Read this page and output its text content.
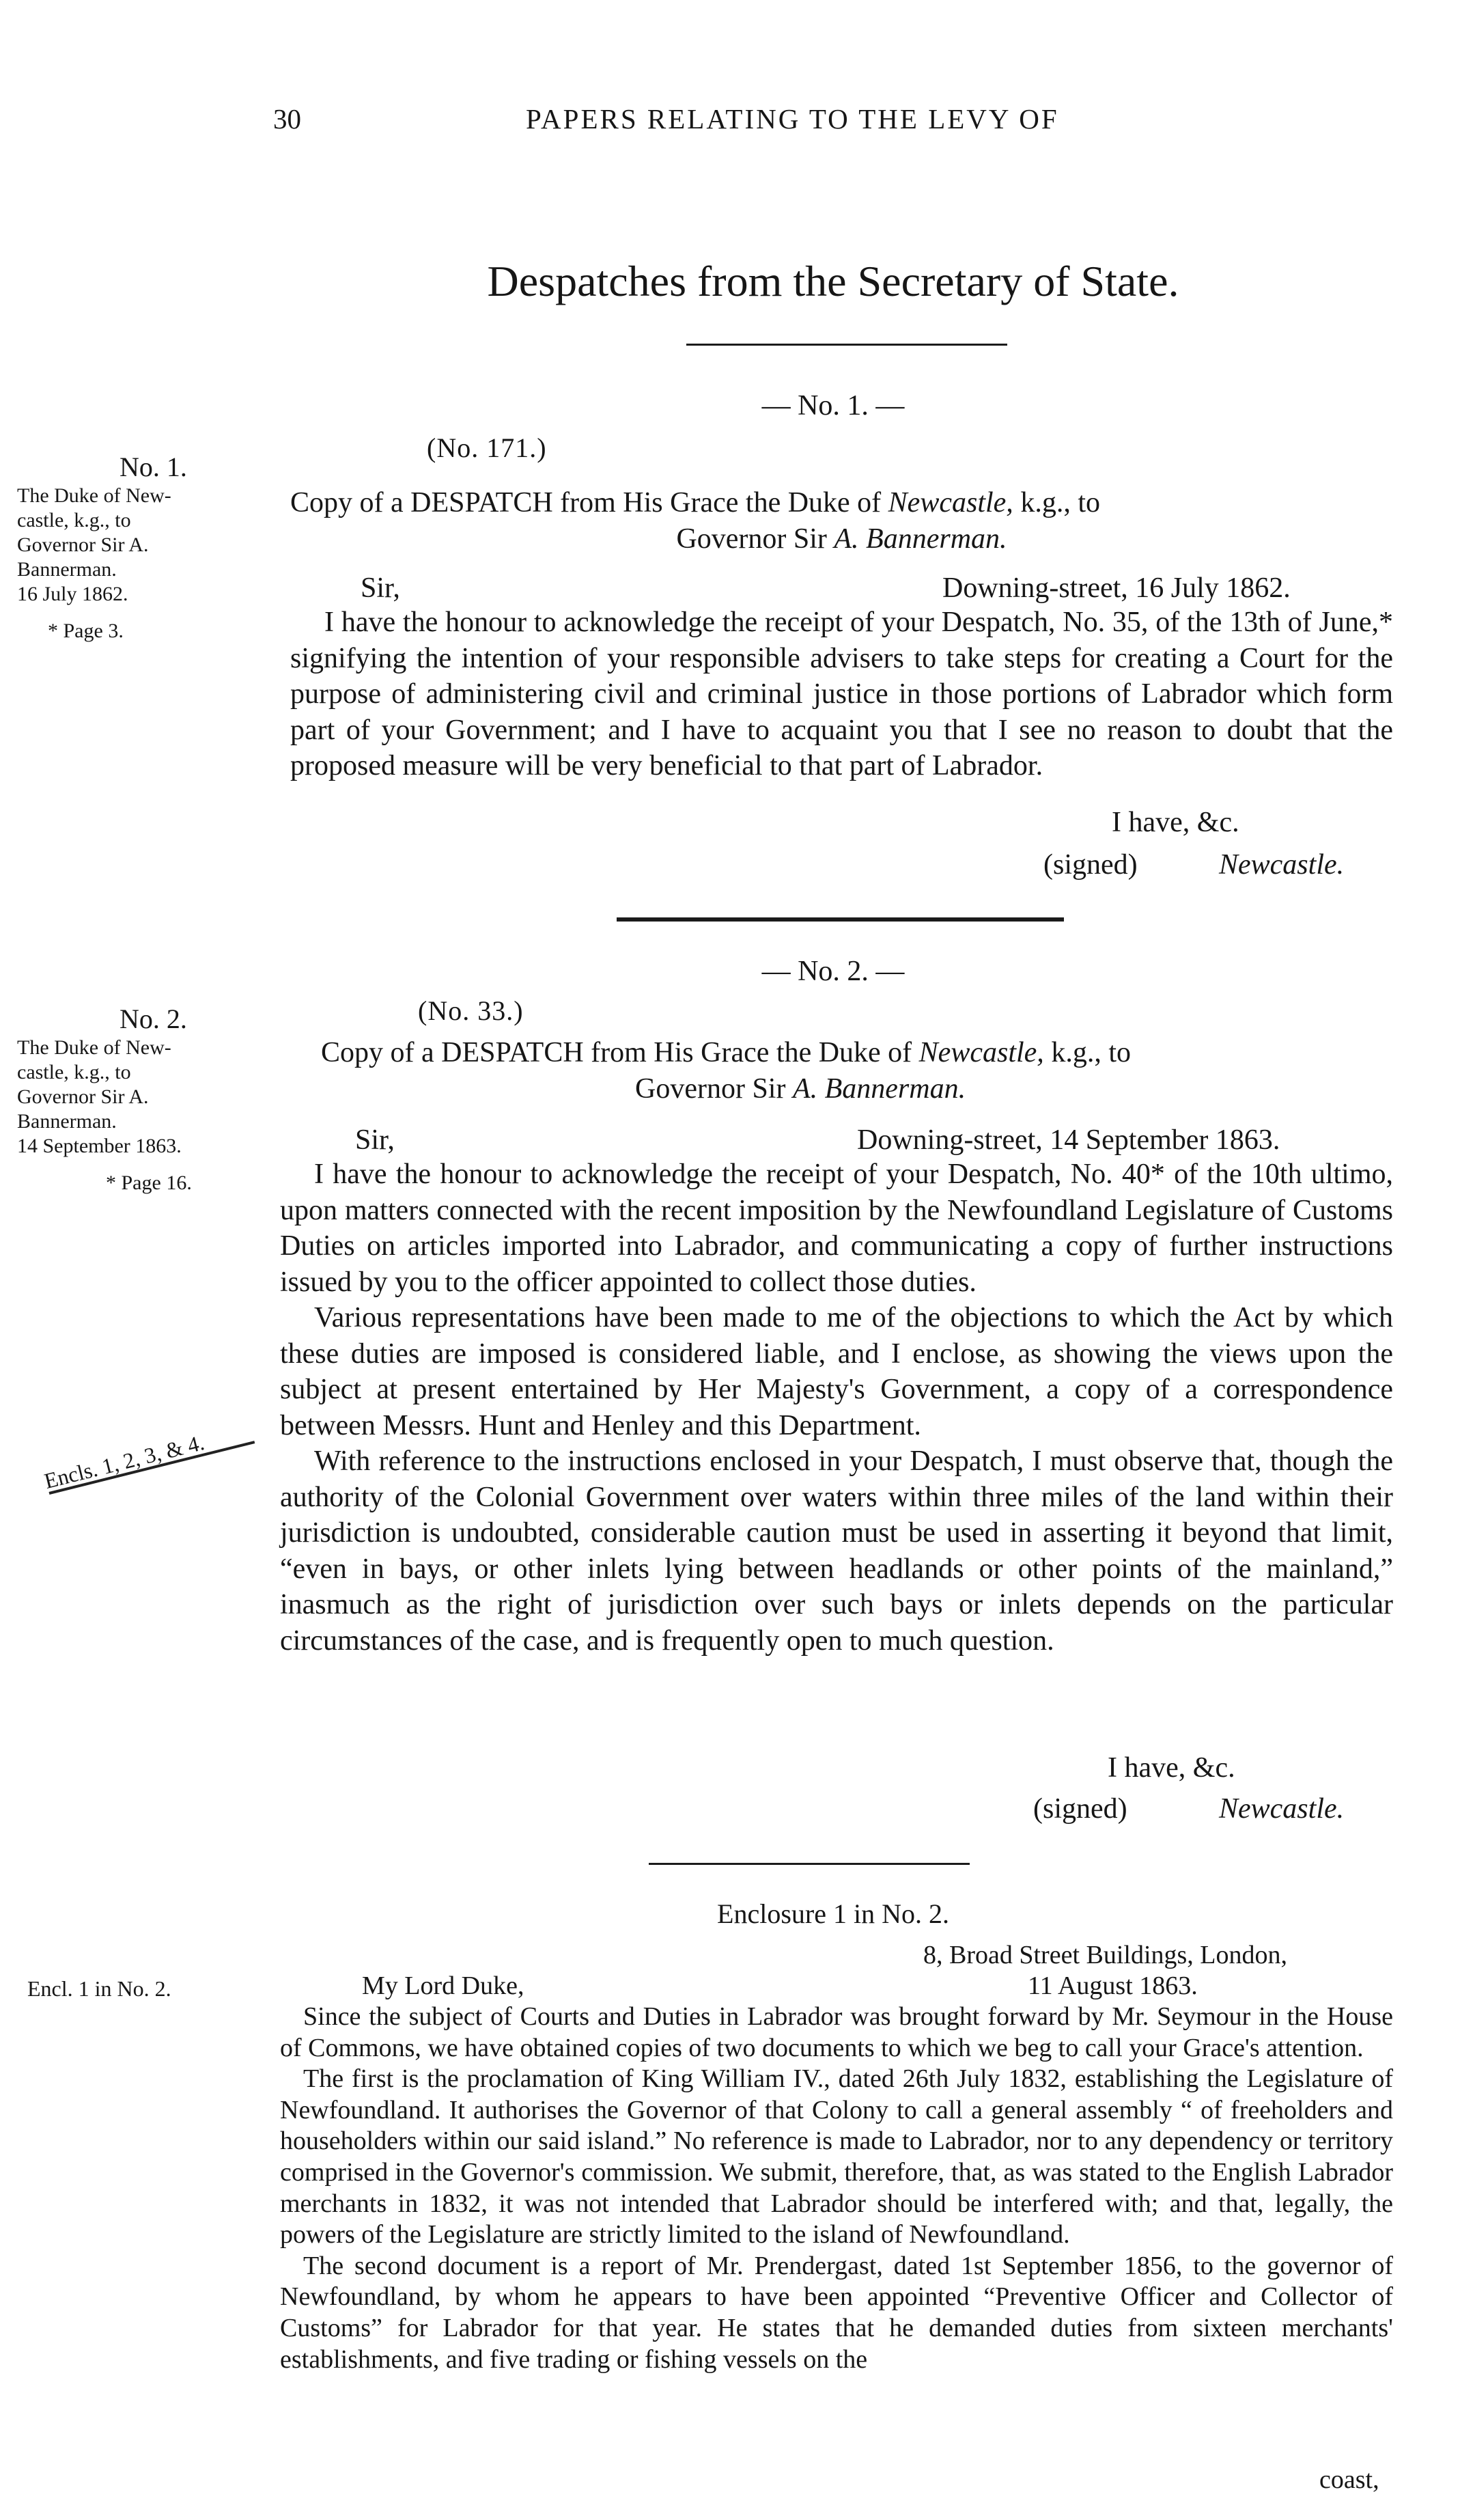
30	PAPERS RELATING TO THE LEVY OF
Despatches from the Secretary of State.
— No. 1. —
(No. 171.)
No. 1.
The Duke of New-
castle, k.g., to
Governor Sir A.
Bannerman.
16 July 1862.
* Page 3.
Copy of a DESPATCH from His Grace the Duke of Newcastle, k.g., to
Governor Sir A. Bannerman.
Sir,	Downing-street, 16 July 1862.

I have the honour to acknowledge the receipt of your Despatch, No. 35, of the 13th of June,* signifying the intention of your responsible advisers to take steps for creating a Court for the purpose of administering civil and criminal justice in those portions of Labrador which form part of your Government; and I have to acquaint you that I see no reason to doubt that the proposed measure will be very beneficial to that part of Labrador.

I have, &c.
(signed)	Newcastle.
— No. 2. —
(No. 33.)
No. 2.
The Duke of New-
castle, k.g., to
Governor Sir A.
Bannerman.
14 September 1863.
* Page 16.
Encls. 1, 2, 3, & 4.
Copy of a DESPATCH from His Grace the Duke of Newcastle, k.g., to
Governor Sir A. Bannerman.
Sir,	Downing-street, 14 September 1863.

I have the honour to acknowledge the receipt of your Despatch, No. 40* of the 10th ultimo, upon matters connected with the recent imposition by the Newfoundland Legislature of Customs Duties on articles imported into Labrador, and communicating a copy of further instructions issued by you to the officer appointed to collect those duties.

Various representations have been made to me of the objections to which the Act by which these duties are imposed is considered liable, and I enclose, as showing the views upon the subject at present entertained by Her Majesty's Government, a copy of a correspondence between Messrs. Hunt and Henley and this Department.

With reference to the instructions enclosed in your Despatch, I must observe that, though the authority of the Colonial Government over waters within three miles of the land within their jurisdiction is undoubted, considerable caution must be used in asserting it beyond that limit, “even in bays, or other inlets lying between headlands or other points of the mainland,” inasmuch as the right of jurisdiction over such bays or inlets depends on the particular circumstances of the case, and is frequently open to much question.

I have, &c.
(signed)	Newcastle.
Enclosure 1 in No. 2.
Encl. 1 in No. 2.
8, Broad Street Buildings, London,
11 August 1863.
My Lord Duke,

Since the subject of Courts and Duties in Labrador was brought forward by Mr. Seymour in the House of Commons, we have obtained copies of two documents to which we beg to call your Grace's attention.

The first is the proclamation of King William IV., dated 26th July 1832, establishing the Legislature of Newfoundland. It authorises the Governor of that Colony to call a general assembly “ of freeholders and householders within our said island.” No reference is made to Labrador, nor to any dependency or territory comprised in the Governor's commission. We submit, therefore, that, as was stated to the English Labrador merchants in 1832, it was not intended that Labrador should be interfered with; and that, legally, the powers of the Legislature are strictly limited to the island of Newfoundland.

The second document is a report of Mr. Prendergast, dated 1st September 1856, to the governor of Newfoundland, by whom he appears to have been appointed “Preventive Officer and Collector of Customs” for Labrador for that year. He states that he demanded duties from sixteen merchants' establishments, and five trading or fishing vessels on the

coast,
